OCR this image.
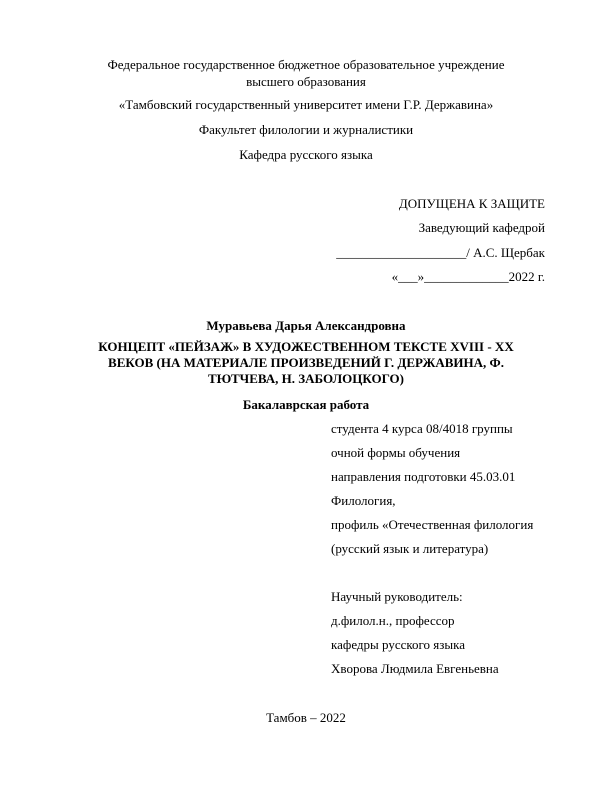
Федеральное государственное бюджетное образовательное учреждение
высшего образования
«Тамбовский государственный университет имени Г.Р. Державина»
Факультет филологии и журналистики
Кафедра русского языка
ДОПУЩЕНА К ЗАЩИТЕ
Заведующий кафедрой
____________________/ А.С. Щербак
«___»_____________2022 г.
Муравьева Дарья Александровна
КОНЦЕПТ «ПЕЙЗАЖ» В ХУДОЖЕСТВЕННОМ ТЕКСТЕ XVIII - XX
ВЕКОВ (НА МАТЕРИАЛЕ ПРОИЗВЕДЕНИЙ Г. ДЕРЖАВИНА, Ф.
ТЮТЧЕВА, Н. ЗАБОЛОЦКОГО)
Бакалаврская работа
студента 4 курса 08/4018 группы
очной формы обучения
направления подготовки 45.03.01
Филология,
профиль «Отечественная филология
(русский язык и литература)
Научный руководитель:
д.филол.н., профессор
кафедры русского языка
Хворова Людмила Евгеньевна
Тамбов – 2022
